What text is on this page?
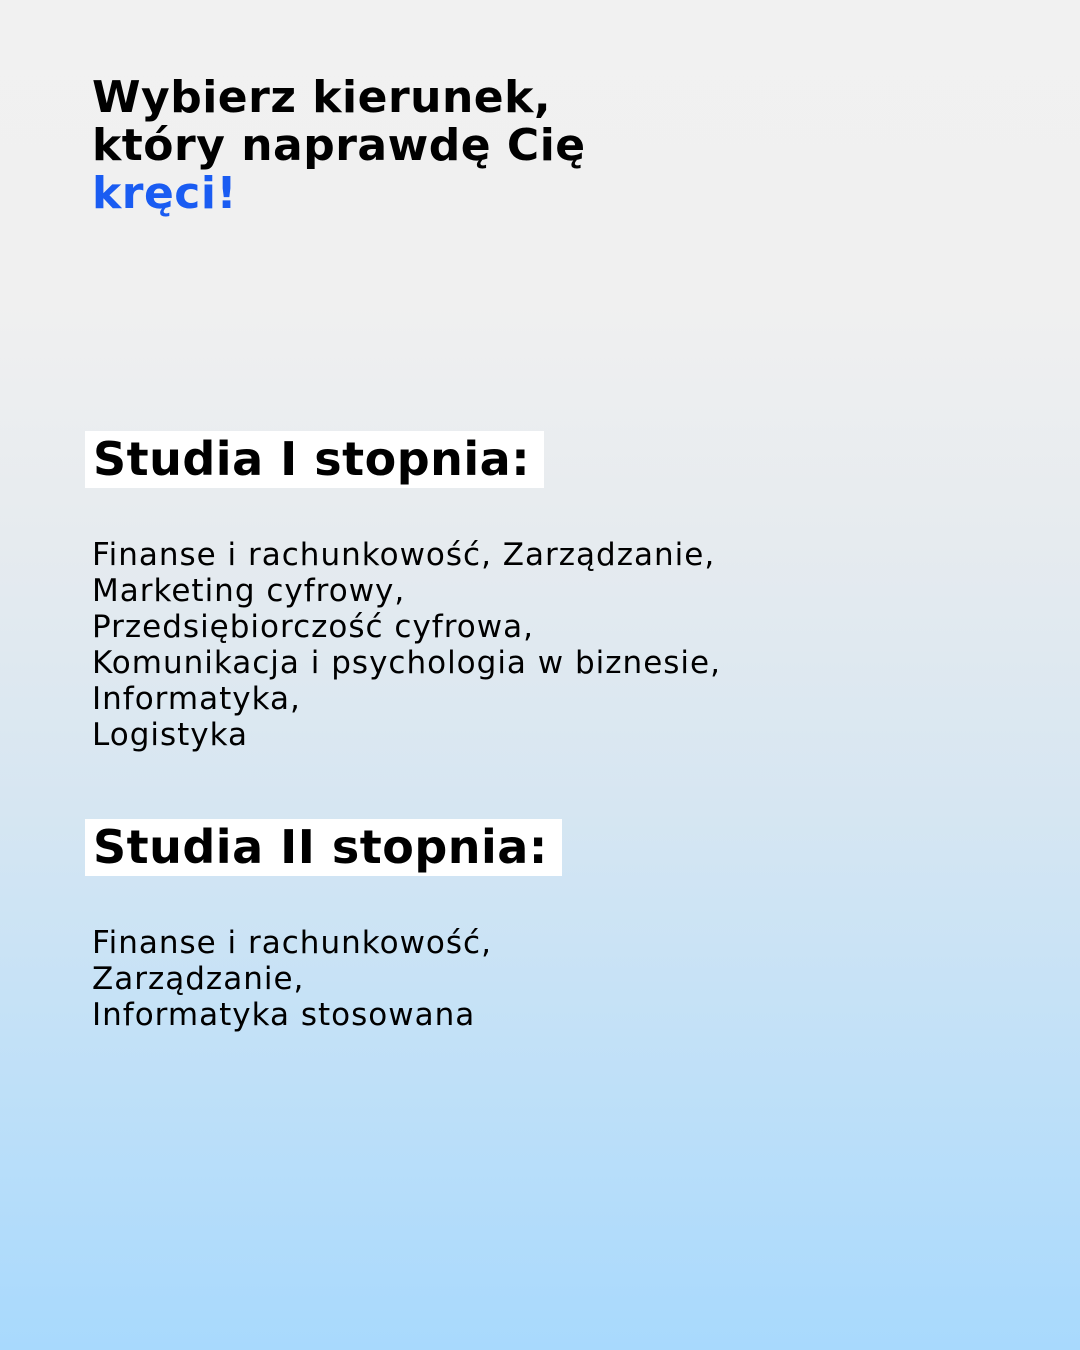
Wybierz kierunek,
który naprawdę Cię
kręci!
Studia I stopnia:
Finanse i rachunkowość, Zarządzanie,
Marketing cyfrowy,
Przedsiębiorczość cyfrowa,
Komunikacja i psychologia w biznesie,
Informatyka,
Logistyka
Studia II stopnia:
Finanse i rachunkowość,
Zarządzanie,
Informatyka stosowana
